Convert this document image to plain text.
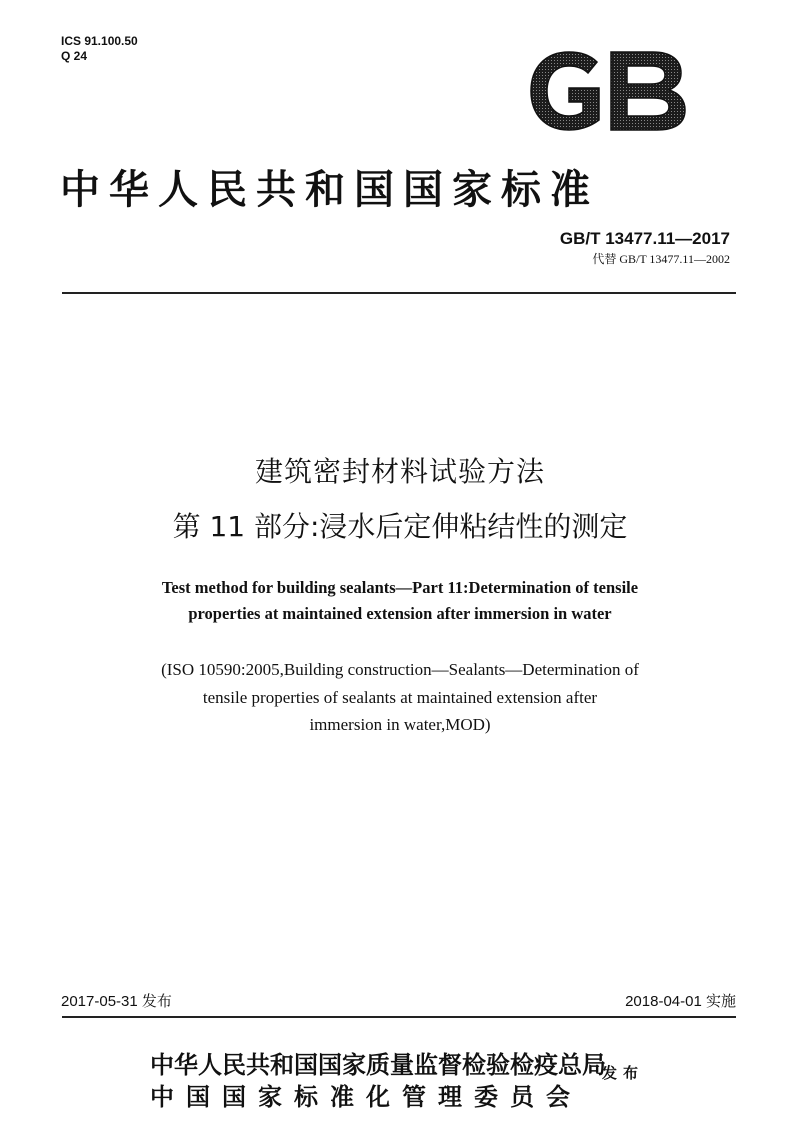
ICS 91.100.50
Q 24
中华人民共和国国家标准
GB/T 13477.11—2017
代替 GB/T 13477.11—2002
建筑密封材料试验方法
第 11 部分:浸水后定伸粘结性的测定
Test method for building sealants—Part 11:Determination of tensile
properties at maintained extension after immersion in water
(ISO 10590:2005,Building construction—Sealants—Determination of
tensile properties of sealants at maintained extension after
immersion in water,MOD)
2017-05-31 发布	2018-04-01 实施
中华人民共和国国家质量监督检验检疫总局
中国国家标准化管理委员会
发布
